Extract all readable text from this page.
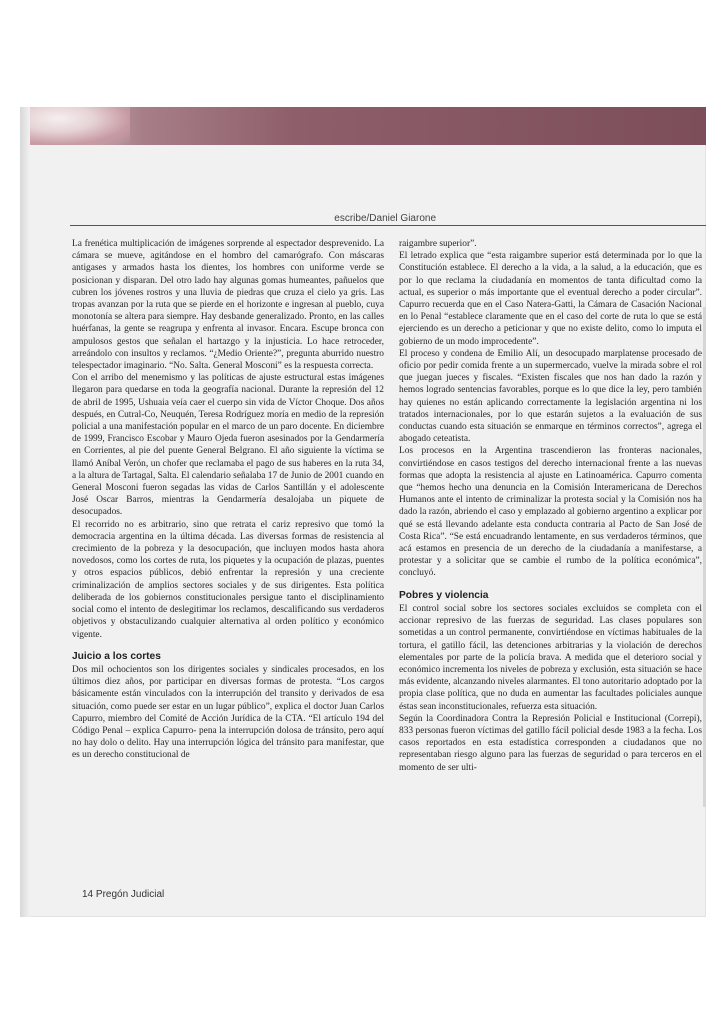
escribe/Daniel Giarone

La frenética multiplicación de imágenes sorprende al espectador desprevenido. La cámara se mueve, agitándose en el hombro del camarógrafo. Con máscaras antigases y armados hasta los dientes, los hombres con uniforme verde se posicionan y disparan. Del otro lado hay algunas gomas humeantes, pañuelos que cubren los jóvenes rostros y una lluvia de piedras que cruza el cielo ya gris. Las tropas avanzan por la ruta que se pierde en el horizonte e ingresan al pueblo, cuya monotonía se altera para siempre. Hay desbande generalizado. Pronto, en las calles huérfanas, la gente se reagrupa y enfrenta al invasor. Encara. Escupe bronca con ampulosos gestos que señalan el hartazgo y la injusticia. Lo hace retroceder, arreándolo con insultos y reclamos. “¿Medio Oriente?”, pregunta aburrido nuestro telespectador imaginario. “No. Salta. General Mosconi” es la respuesta correcta.

Con el arribo del menemismo y las políticas de ajuste estructural estas imágenes llegaron para quedarse en toda la geografía nacional. Durante la represión del 12 de abril de 1995, Ushuaia veía caer el cuerpo sin vida de Víctor Choque. Dos años después, en Cutral-Co, Neuquén, Teresa Rodríguez moría en medio de la represión policial a una manifestación popular en el marco de un paro docente. En diciembre de 1999, Francisco Escobar y Mauro Ojeda fueron asesinados por la Gendarmería en Corrientes, al pie del puente General Belgrano. El año siguiente la víctima se llamó Aníbal Verón, un chofer que reclamaba el pago de sus haberes en la ruta 34, a la altura de Tartagal, Salta. El calendario señalaba 17 de Junio de 2001 cuando en General Mosconi fueron segadas las vidas de Carlos Santillán y el adolescente José Oscar Barros, mientras la Gendarmería desalojaba un piquete de desocupados.

El recorrido no es arbitrario, sino que retrata el cariz represivo que tomó la democracia argentina en la última década. Las diversas formas de resistencia al crecimiento de la pobreza y la desocupación, que incluyen modos hasta ahora novedosos, como los cortes de ruta, los piquetes y la ocupación de plazas, puentes y otros espacios públicos, debió enfrentar la represión y una creciente criminalización de amplios sectores sociales y de sus dirigentes. Esta política deliberada de los gobiernos constitucionales persigue tanto el disciplinamiento social como el intento de deslegitimar los reclamos, descalificando sus verdaderos objetivos y obstaculizando cualquier alternativa al orden político y económico vigente.

Juicio a los cortes

Dos mil ochocientos son los dirigentes sociales y sindicales procesados, en los últimos diez años, por participar en diversas formas de protesta. “Los cargos básicamente están vinculados con la interrupción del transito y derivados de esa situación, como puede ser estar en un lugar público”, explica el doctor Juan Carlos Capurro, miembro del Comité de Acción Jurídica de la CTA. “El artículo 194 del Código Penal – explica Capurro- pena la interrupción dolosa de tránsito, pero aquí no hay dolo o delito. Hay una interrupción lógica del tránsito para manifestar, que es un derecho constitucional de

raigambre superior”.

El letrado explica que “esta raigambre superior está determinada por lo que la Constitución establece. El derecho a la vida, a la salud, a la educación, que es por lo que reclama la ciudadanía en momentos de tanta dificultad como la actual, es superior o más importante que el eventual derecho a poder circular”. Capurro recuerda que en el Caso Natera-Gatti, la Cámara de Casación Nacional en lo Penal “establece claramente que en el caso del corte de ruta lo que se está ejerciendo es un derecho a peticionar y que no existe delito, como lo imputa el gobierno de un modo improcedente”.

El proceso y condena de Emilio Alí, un desocupado marplatense procesado de oficio por pedir comida frente a un supermercado, vuelve la mirada sobre el rol que juegan jueces y fiscales. “Existen fiscales que nos han dado la razón y hemos logrado sentencias favorables, porque es lo que dice la ley, pero también hay quienes no están aplicando correctamente la legislación argentina ni los tratados internacionales, por lo que estarán sujetos a la evaluación de sus conductas cuando esta situación se enmarque en términos correctos”, agrega el abogado ceteatista.

Los procesos en la Argentina trascendieron las fronteras nacionales, convirtiéndose en casos testigos del derecho internacional frente a las nuevas formas que adopta la resistencia al ajuste en Latinoamérica. Capurro comenta que “hemos hecho una denuncia en la Comisión Interamericana de Derechos Humanos ante el intento de criminalizar la protesta social y la Comisión nos ha dado la razón, abriendo el caso y emplazado al gobierno argentino a explicar por qué se está llevando adelante esta conducta contraria al Pacto de San José de Costa Rica”. “Se está encuadrando lentamente, en sus verdaderos términos, que acá estamos en presencia de un derecho de la ciudadanía a manifestarse, a protestar y a solicitar que se cambie el rumbo de la política económica”, concluyó.

Pobres y violencia

El control social sobre los sectores sociales excluidos se completa con el accionar represivo de las fuerzas de seguridad. Las clases populares son sometidas a un control permanente, convirtiéndose en víctimas habituales de la tortura, el gatillo fácil, las detenciones arbitrarias y la violación de derechos elementales por parte de la policía brava. A medida que el deterioro social y económico incrementa los niveles de pobreza y exclusión, esta situación se hace más evidente, alcanzando niveles alarmantes. El tono autoritario adoptado por la propia clase política, que no duda en aumentar las facultades policiales aunque éstas sean inconstitucionales, refuerza esta situación.

Según la Coordinadora Contra la Represión Policial e Institucional (Correpi), 833 personas fueron víctimas del gatillo fácil policial desde 1983 a la fecha. Los casos reportados en esta estadística corresponden a ciudadanos que no representaban riesgo alguno para las fuerzas de seguridad o para terceros en el momento de ser ulti-

14 Pregón Judicial
